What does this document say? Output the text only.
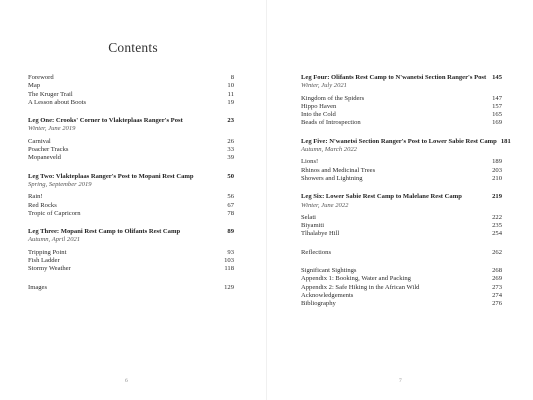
Contents
Foreword	8
Map	10
The Kruger Trail	11
A Lesson about Boots	19
Leg One: Crooks' Corner to Vlakteplaas Ranger's Post	23
Winter, June 2019
Carnival	26
Poacher Tracks	33
Mopaneveld	39
Leg Two: Vlakteplaas Ranger's Post to Mopani Rest Camp	50
Spring, September 2019
Rain!	56
Red Rocks	67
Tropic of Capricorn	78
Leg Three: Mopani Rest Camp to Olifants Rest Camp	89
Autumn, April 2021
Tripping Point	93
Fish Ladder	103
Stormy Weather	118
Images	129
6
Leg Four: Olifants Rest Camp to N'wanetsi Section Ranger's Post 145
Winter, July 2021
Kingdom of the Spiders	147
Hippo Haven	157
Into the Cold	165
Beads of Introspection	169
Leg Five: N'wanetsi Section Ranger's Post to Lower Sabie Rest Camp 181
Autumn, March 2022
Lions!	189
Rhinos and Medicinal Trees	203
Showers and Lightning	210
Leg Six: Lower Sabie Rest Camp to Malelane Rest Camp	219
Winter, June 2022
Selati	222
Biyamiti	235
Tlhalabye Hill	254
Reflections	262
Significant Sightings	268
Appendix 1: Booking, Water and Packing	269
Appendix 2: Safe Hiking in the African Wild	273
Acknowledgements	274
Bibliography	276
7
